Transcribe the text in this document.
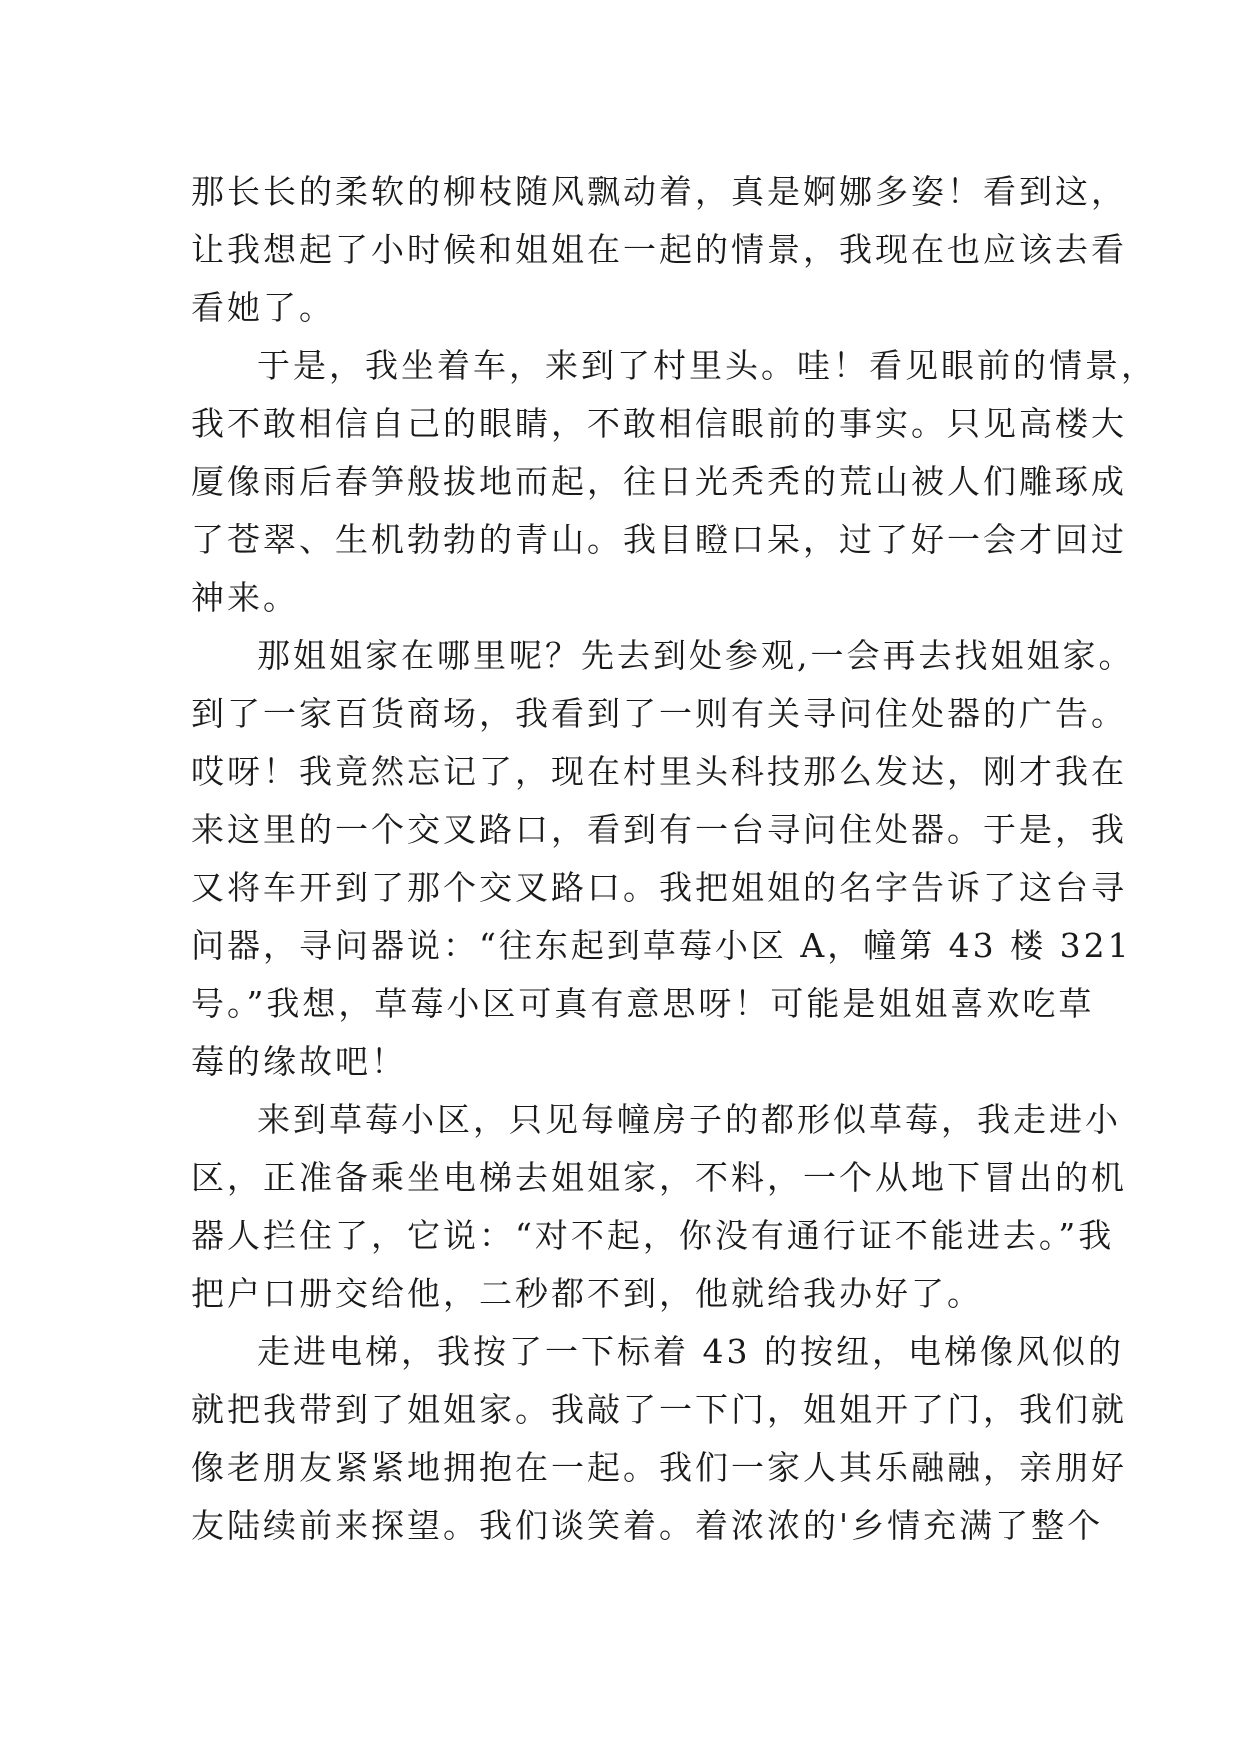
那长长的柔软的柳枝随风飘动着，真是婀娜多姿！看到这，
让我想起了小时候和姐姐在一起的情景，我现在也应该去看
看她了。
于是，我坐着车，来到了村里头。哇！看见眼前的情景，
我不敢相信自己的眼睛，不敢相信眼前的事实。只见高楼大
厦像雨后春笋般拔地而起，往日光秃秃的荒山被人们雕琢成
了苍翠、生机勃勃的青山。我目瞪口呆，过了好一会才回过
神来。
那姐姐家在哪里呢？先去到处参观,一会再去找姐姐家。
到了一家百货商场，我看到了一则有关寻问住处器的广告。
哎呀！我竟然忘记了，现在村里头科技那么发达，刚才我在
来这里的一个交叉路口，看到有一台寻问住处器。于是，我
又将车开到了那个交叉路口。我把姐姐的名字告诉了这台寻
问器，寻问器说：“往东起到草莓小区 A，幢第 43 楼 321
号。”我想，草莓小区可真有意思呀！可能是姐姐喜欢吃草
莓的缘故吧！
来到草莓小区，只见每幢房子的都形似草莓，我走进小
区，正准备乘坐电梯去姐姐家，不料，一个从地下冒出的机
器人拦住了，它说：“对不起，你没有通行证不能进去。”我
把户口册交给他，二秒都不到，他就给我办好了。
走进电梯，我按了一下标着 43 的按纽，电梯像风似的
就把我带到了姐姐家。我敲了一下门，姐姐开了门，我们就
像老朋友紧紧地拥抱在一起。我们一家人其乐融融，亲朋好
友陆续前来探望。我们谈笑着。着浓浓的'乡情充满了整个
